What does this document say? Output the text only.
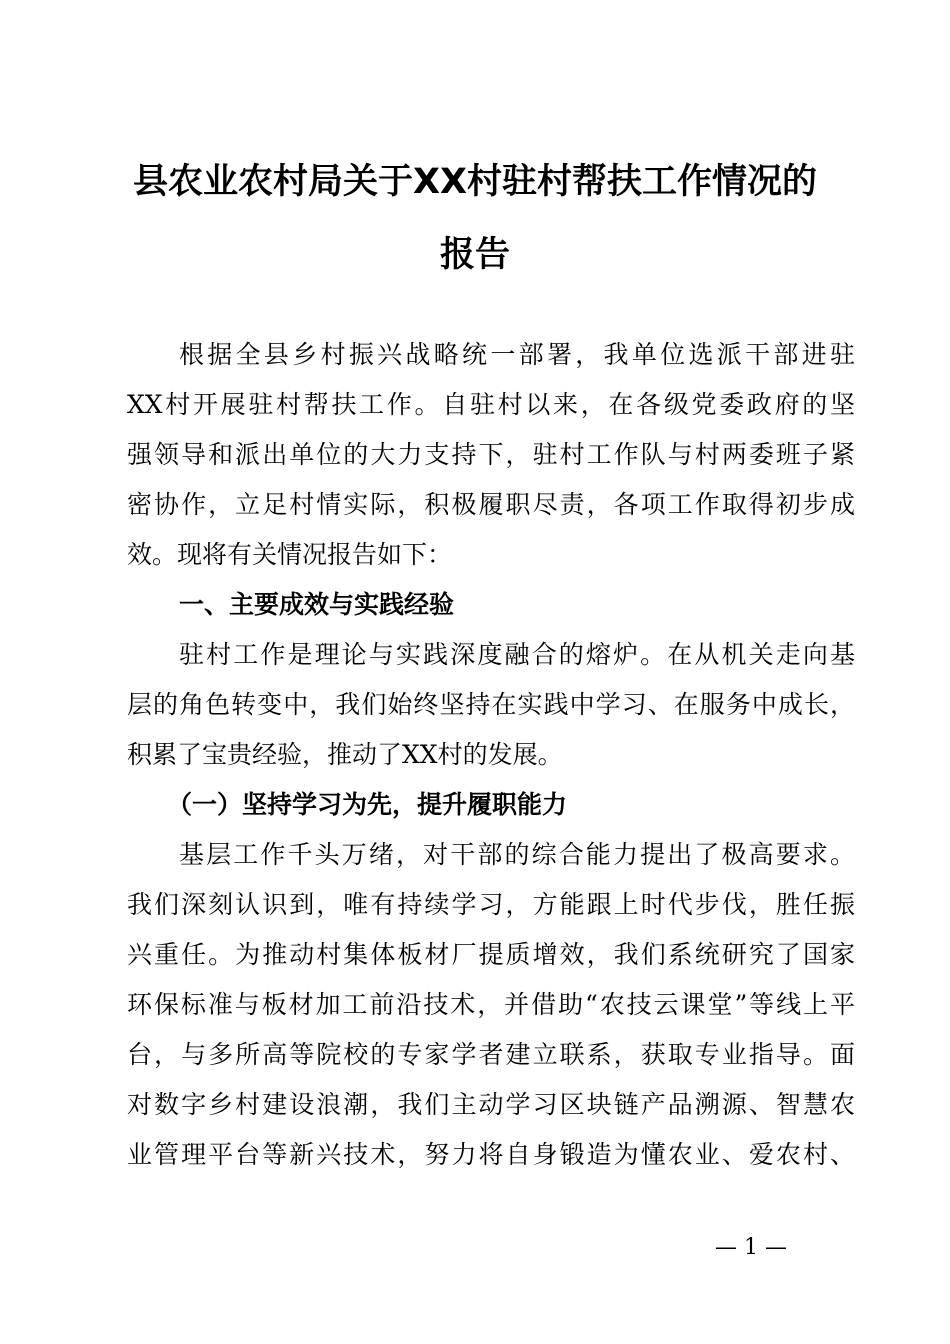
县农业农村局关于XX村驻村帮扶工作情况的
报告
根据全县乡村振兴战略统一部署，我单位选派干部进驻
XX村开展驻村帮扶工作。自驻村以来，在各级党委政府的坚
强领导和派出单位的大力支持下，驻村工作队与村两委班子紧
密协作，立足村情实际，积极履职尽责，各项工作取得初步成
效。现将有关情况报告如下：
一、主要成效与实践经验
驻村工作是理论与实践深度融合的熔炉。在从机关走向基
层的角色转变中，我们始终坚持在实践中学习、在服务中成长，
积累了宝贵经验，推动了XX村的发展。
（一）坚持学习为先，提升履职能力
基层工作千头万绪，对干部的综合能力提出了极高要求。
我们深刻认识到，唯有持续学习，方能跟上时代步伐，胜任振
兴重任。为推动村集体板材厂提质增效，我们系统研究了国家
环保标准与板材加工前沿技术，并借助“农技云课堂”等线上平
台，与多所高等院校的专家学者建立联系，获取专业指导。面
对数字乡村建设浪潮，我们主动学习区块链产品溯源、智慧农
业管理平台等新兴技术，努力将自身锻造为懂农业、爱农村、
— 1 —
